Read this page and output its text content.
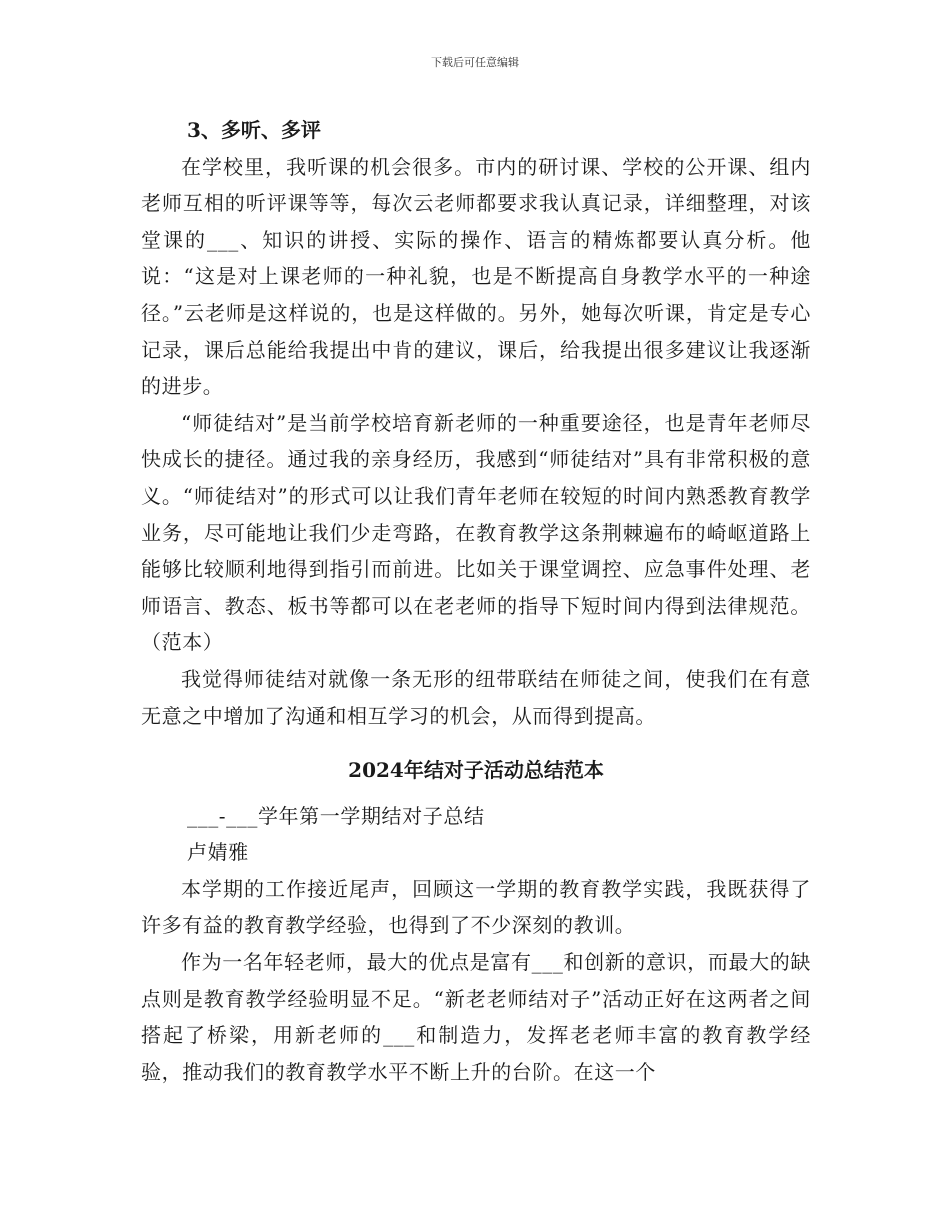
下载后可任意编辑

3、多听、多评

在学校里，我听课的机会很多。市内的研讨课、学校的公开课、组内老师互相的听评课等等，每次云老师都要求我认真记录，详细整理，对该堂课的___、知识的讲授、实际的操作、语言的精炼都要认真分析。他说：“这是对上课老师的一种礼貌，也是不断提高自身教学水平的一种途径。”云老师是这样说的，也是这样做的。另外，她每次听课，肯定是专心记录，课后总能给我提出中肯的建议，课后，给我提出很多建议让我逐渐的进步。

“师徒结对”是当前学校培育新老师的一种重要途径，也是青年老师尽快成长的捷径。通过我的亲身经历，我感到“师徒结对”具有非常积极的意义。“师徒结对”的形式可以让我们青年老师在较短的时间内熟悉教育教学业务，尽可能地让我们少走弯路，在教育教学这条荆棘遍布的崎岖道路上能够比较顺利地得到指引而前进。比如关于课堂调控、应急事件处理、老师语言、教态、板书等都可以在老老师的指导下短时间内得到法律规范。（范本）

我觉得师徒结对就像一条无形的纽带联结在师徒之间，使我们在有意无意之中增加了沟通和相互学习的机会，从而得到提高。

2024年结对子活动总结范本

___-___学年第一学期结对子总结

卢婧雅

本学期的工作接近尾声，回顾这一学期的教育教学实践，我既获得了许多有益的教育教学经验，也得到了不少深刻的教训。

作为一名年轻老师，最大的优点是富有___和创新的意识，而最大的缺点则是教育教学经验明显不足。“新老老师结对子”活动正好在这两者之间搭起了桥梁，用新老师的___和制造力，发挥老老师丰富的教育教学经验，推动我们的教育教学水平不断上升的台阶。在这一个
